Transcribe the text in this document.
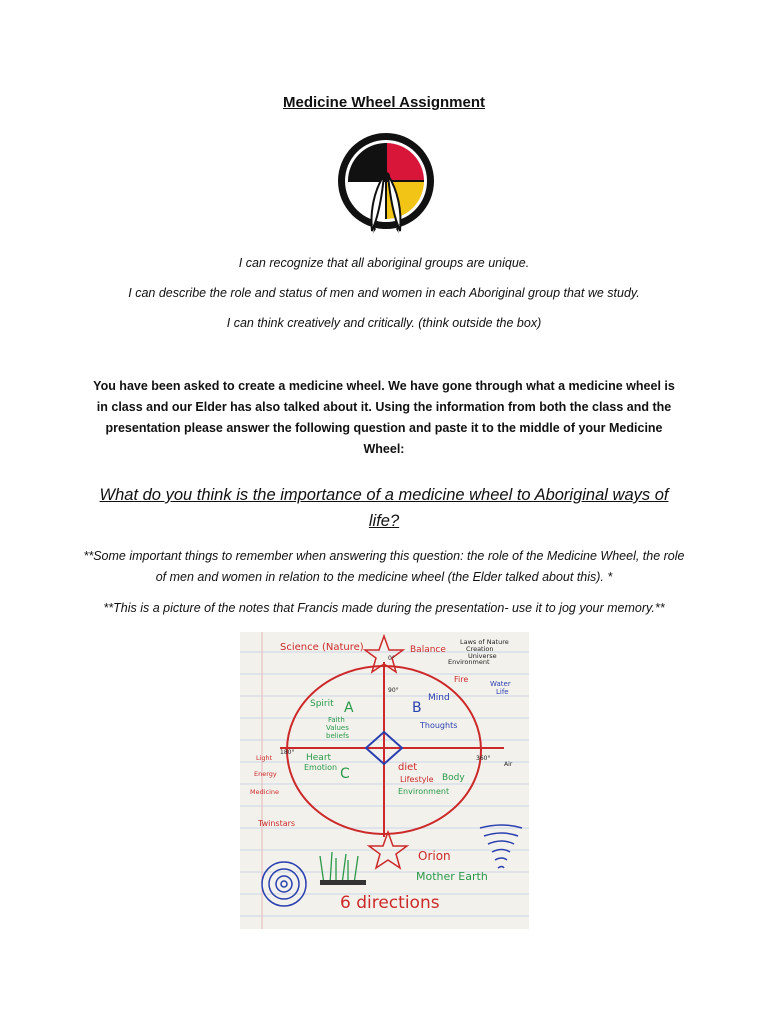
Medicine Wheel Assignment
I can recognize that all aboriginal groups are unique.
I can describe the role and status of men and women in each Aboriginal group that we study.
I can think creatively and critically. (think outside the box)
You have been asked to create a medicine wheel. We have gone through what a medicine wheel is in class and our Elder has also talked about it. Using the information from both the class and the presentation please answer the following question and paste it to the middle of your Medicine Wheel:
What do you think is the importance of a medicine wheel to Aboriginal ways of life?
**Some important things to remember when answering this question: the role of the Medicine Wheel, the role of men and women in relation to the medicine wheel (the Elder talked about this). *
**This is a picture of the notes that Francis made during the presentation- use it to jog your memory.**
Science (Nature)	Balance
Laws of Nature
Creation
Universe
Environment
Fire	Water
Life
Spirit A
Faith
Values
beliefs
Mind
B
Thoughts
Heart
Emotion C	diet
Body
Lifestyle
Environment
0°
90°
180°
360°
Air
Light
Energy
Medicine
Twinstars
Orion
Mother Earth
6 directions
